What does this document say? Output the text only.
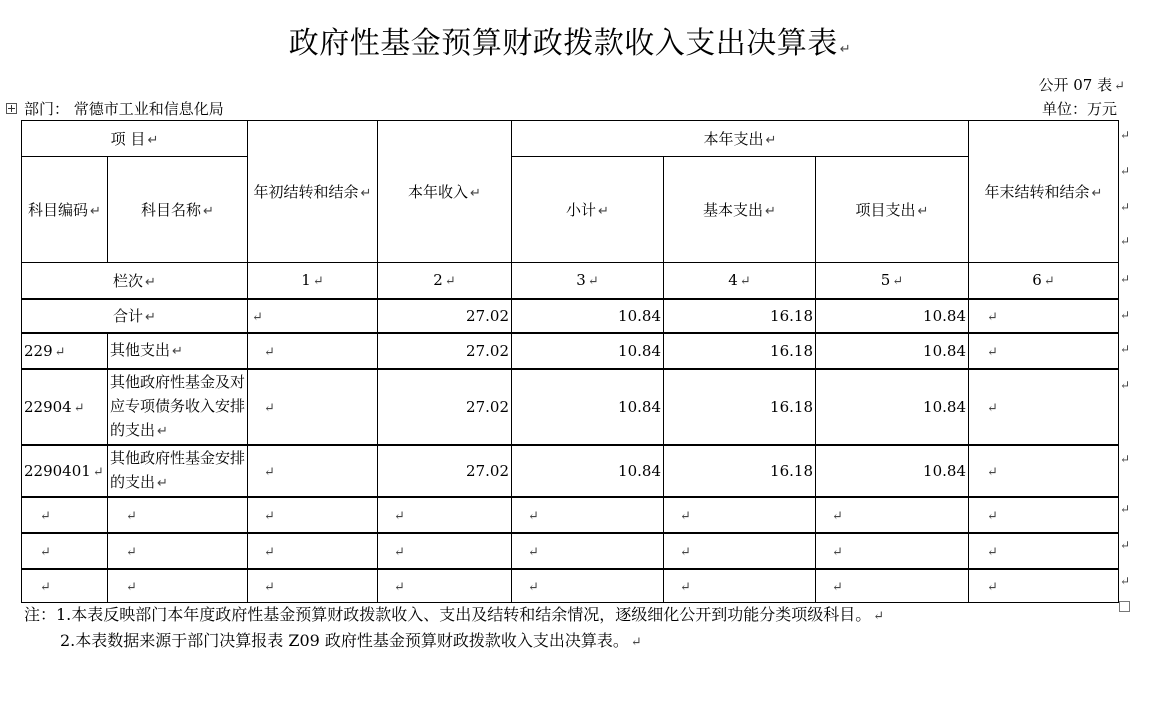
政府性基金预算财政拨款收入支出决算表 ↵
公开 07 表 ↵
单位：万元
部门： 常德市工业和信息化局
项 目 ↵		年初结转和结余 ↵	本年收入 ↵	本年支出 ↵			年末结转和结余 ↵
科目编码 ↵	科目名称 ↵			小计 ↵	基本支出 ↵	项目支出 ↵	
栏次 ↵		1 ↵	2 ↵	3 ↵	4 ↵	5 ↵	6 ↵
合计 ↵		↵	27.02	10.84	16.18	10.84	↵
229 ↵	其他支出 ↵	↵	27.02	10.84	16.18	10.84	↵
22904 ↵	其他政府性基金及对应专项债务收入安排的支出 ↵	↵	27.02	10.84	16.18	10.84	↵
2290401 ↵	其他政府性基金安排的支出 ↵	↵	27.02	10.84	16.18	10.84	↵
↵	↵	↵	↵	↵	↵	↵	↵
↵	↵	↵	↵	↵	↵	↵	↵
↵	↵	↵	↵	↵	↵	↵	↵
↵
↵
↵
↵
↵
↵
↵
↵
↵
↵
↵
↵
注：1.本表反映部门本年度政府性基金预算财政拨款收入、支出及结转和结余情况，逐级细化公开到功能分类项级科目。 ↵
2.本表数据来源于部门决算报表 Z09 政府性基金预算财政拨款收入支出决算表。 ↵
